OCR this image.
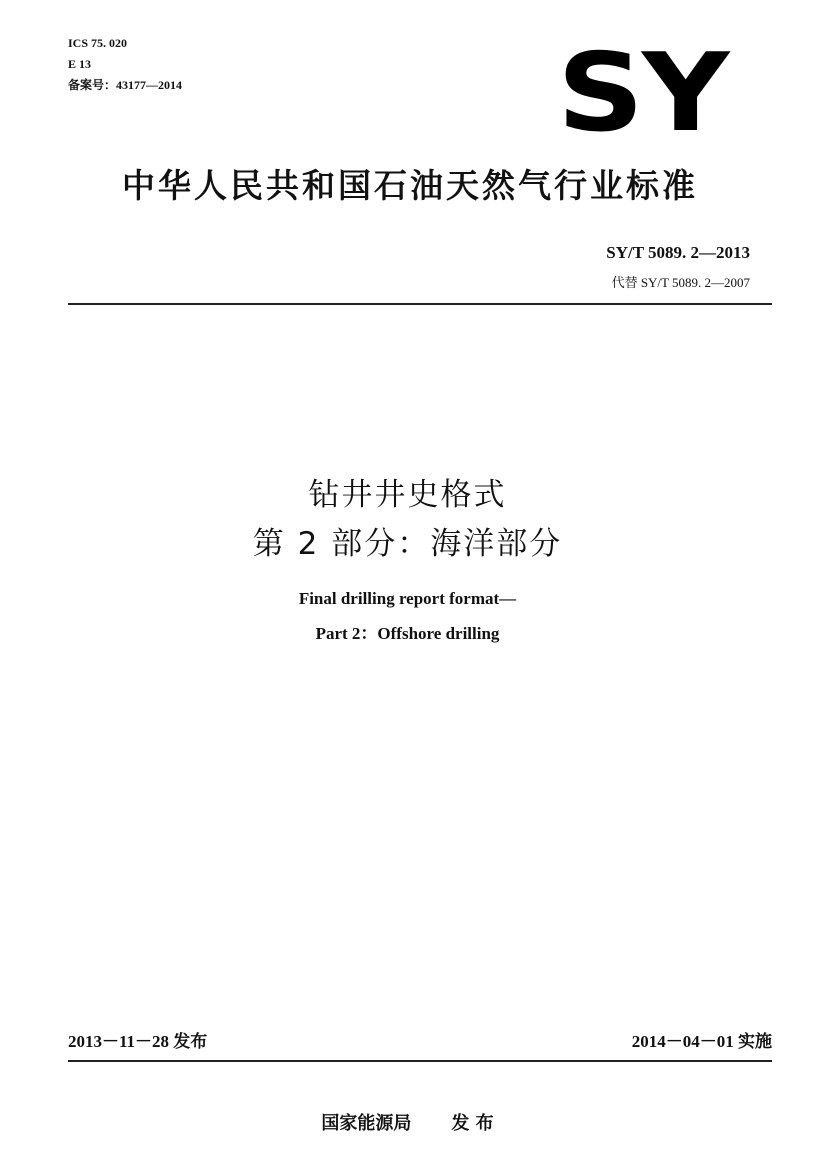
ICS 75. 020
E 13
备案号：43177—2014	SY
中华人民共和国石油天然气行业标准
SY/T 5089. 2—2013
代替 SY/T 5089. 2—2007
钻井井史格式
第 2 部分：海洋部分
Final drilling report format—
Part 2：Offshore drilling
2013－11－28 发布	2014－04－01 实施
国家能源局 发 布
